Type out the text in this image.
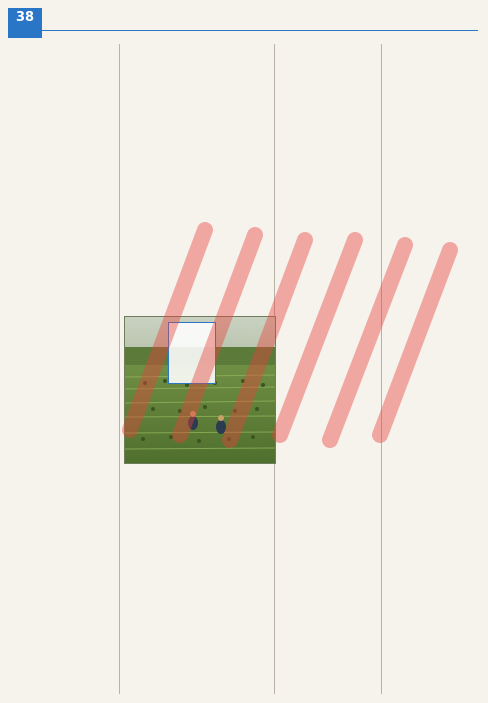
38
